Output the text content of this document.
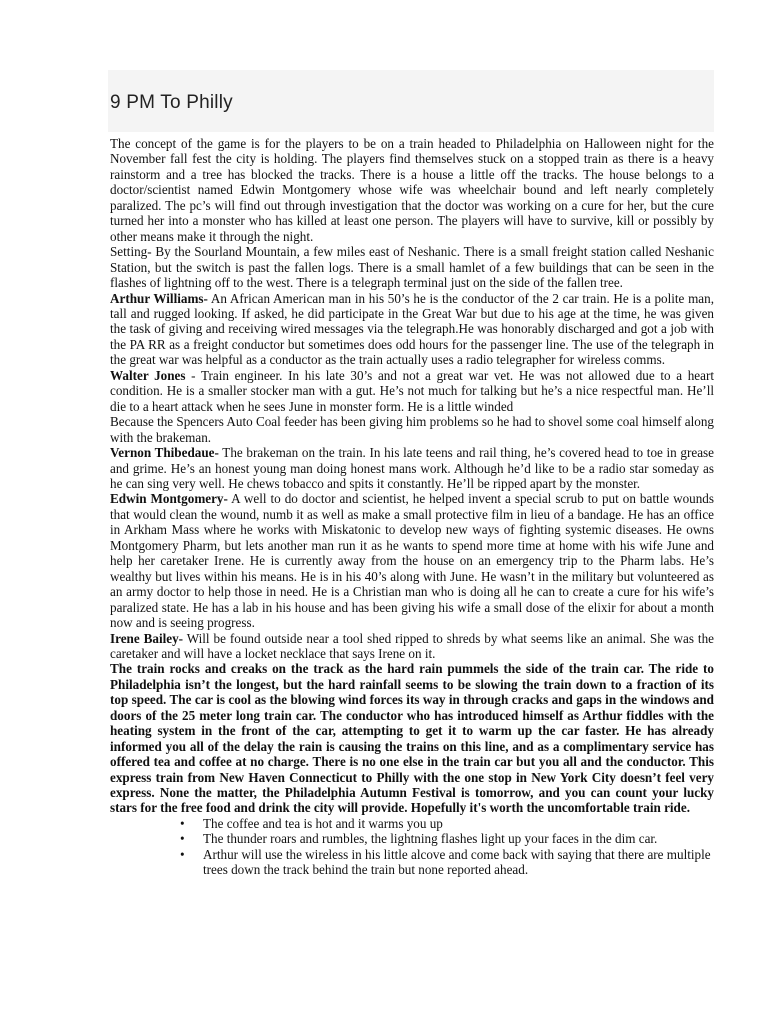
9 PM To Philly

The concept of the game is for the players to be on a train headed to Philadelphia on Halloween night for the November fall fest the city is holding. The players find themselves stuck on a stopped train as there is a heavy rainstorm and a tree has blocked the tracks. There is a house a little off the tracks. The house belongs to a doctor/scientist named Edwin Montgomery whose wife was wheelchair bound and left nearly completely paralized. The pc’s will find out through investigation that the doctor was working on a cure for her, but the cure turned her into a monster who has killed at least one person. The players will have to survive, kill or possibly by other means make it through the night.

Setting- By the Sourland Mountain, a few miles east of Neshanic. There is a small freight station called Neshanic Station, but the switch is past the fallen logs. There is a small hamlet of a few buildings that can be seen in the flashes of lightning off to the west. There is a telegraph terminal just on the side of the fallen tree.

Arthur Williams- An African American man in his 50’s he is the conductor of the 2 car train. He is a polite man, tall and rugged looking. If asked, he did participate in the Great War but due to his age at the time, he was given the task of giving and receiving wired messages via the telegraph.He was honorably discharged and got a job with the PA RR as a freight conductor but sometimes does odd hours for the passenger line. The use of the telegraph in the great war was helpful as a conductor as the train actually uses a radio telegrapher for wireless comms.

Walter Jones - Train engineer. In his late 30’s and not a great war vet. He was not allowed due to a heart condition. He is a smaller stocker man with a gut. He’s not much for talking but he’s a nice respectful man. He’ll die to a heart attack when he sees June in monster form. He is a little winded

Because the Spencers Auto Coal feeder has been giving him problems so he had to shovel some coal himself along with the brakeman.

Vernon Thibedaue- The brakeman on the train. In his late teens and rail thing, he’s covered head to toe in grease and grime. He’s an honest young man doing honest mans work. Although he’d like to be a radio star someday as he can sing very well. He chews tobacco and spits it constantly. He’ll be ripped apart by the monster.

Edwin Montgomery- A well to do doctor and scientist, he helped invent a special scrub to put on battle wounds that would clean the wound, numb it as well as make a small protective film in lieu of a bandage. He has an office in Arkham Mass where he works with Miskatonic to develop new ways of fighting systemic diseases. He owns Montgomery Pharm, but lets another man run it as he wants to spend more time at home with his wife June and help her caretaker Irene. He is currently away from the house on an emergency trip to the Pharm labs. He’s wealthy but lives within his means. He is in his 40’s along with June. He wasn’t in the military but volunteered as an army doctor to help those in need. He is a Christian man who is doing all he can to create a cure for his wife’s paralized state. He has a lab in his house and has been giving his wife a small dose of the elixir for about a month now and is seeing progress.

Irene Bailey- Will be found outside near a tool shed ripped to shreds by what seems like an animal. She was the caretaker and will have a locket necklace that says Irene on it.

The train rocks and creaks on the track as the hard rain pummels the side of the train car. The ride to Philadelphia isn’t the longest, but the hard rainfall seems to be slowing the train down to a fraction of its top speed. The car is cool as the blowing wind forces its way in through cracks and gaps in the windows and doors of the 25 meter long train car. The conductor who has introduced himself as Arthur fiddles with the heating system in the front of the car, attempting to get it to warm up the car faster. He has already informed you all of the delay the rain is causing the trains on this line, and as a complimentary service has offered tea and coffee at no charge. There is no one else in the train car but you all and the conductor. This express train from New Haven Connecticut to Philly with the one stop in New York City doesn’t feel very express. None the matter, the Philadelphia Autumn Festival is tomorrow, and you can count your lucky stars for the free food and drink the city will provide. Hopefully it's worth the uncomfortable train ride.

•	The coffee and tea is hot and it warms you up
•	The thunder roars and rumbles, the lightning flashes light up your faces in the dim car.
•	Arthur will use the wireless in his little alcove and come back with saying that there are multiple trees down the track behind the train but none reported ahead.
